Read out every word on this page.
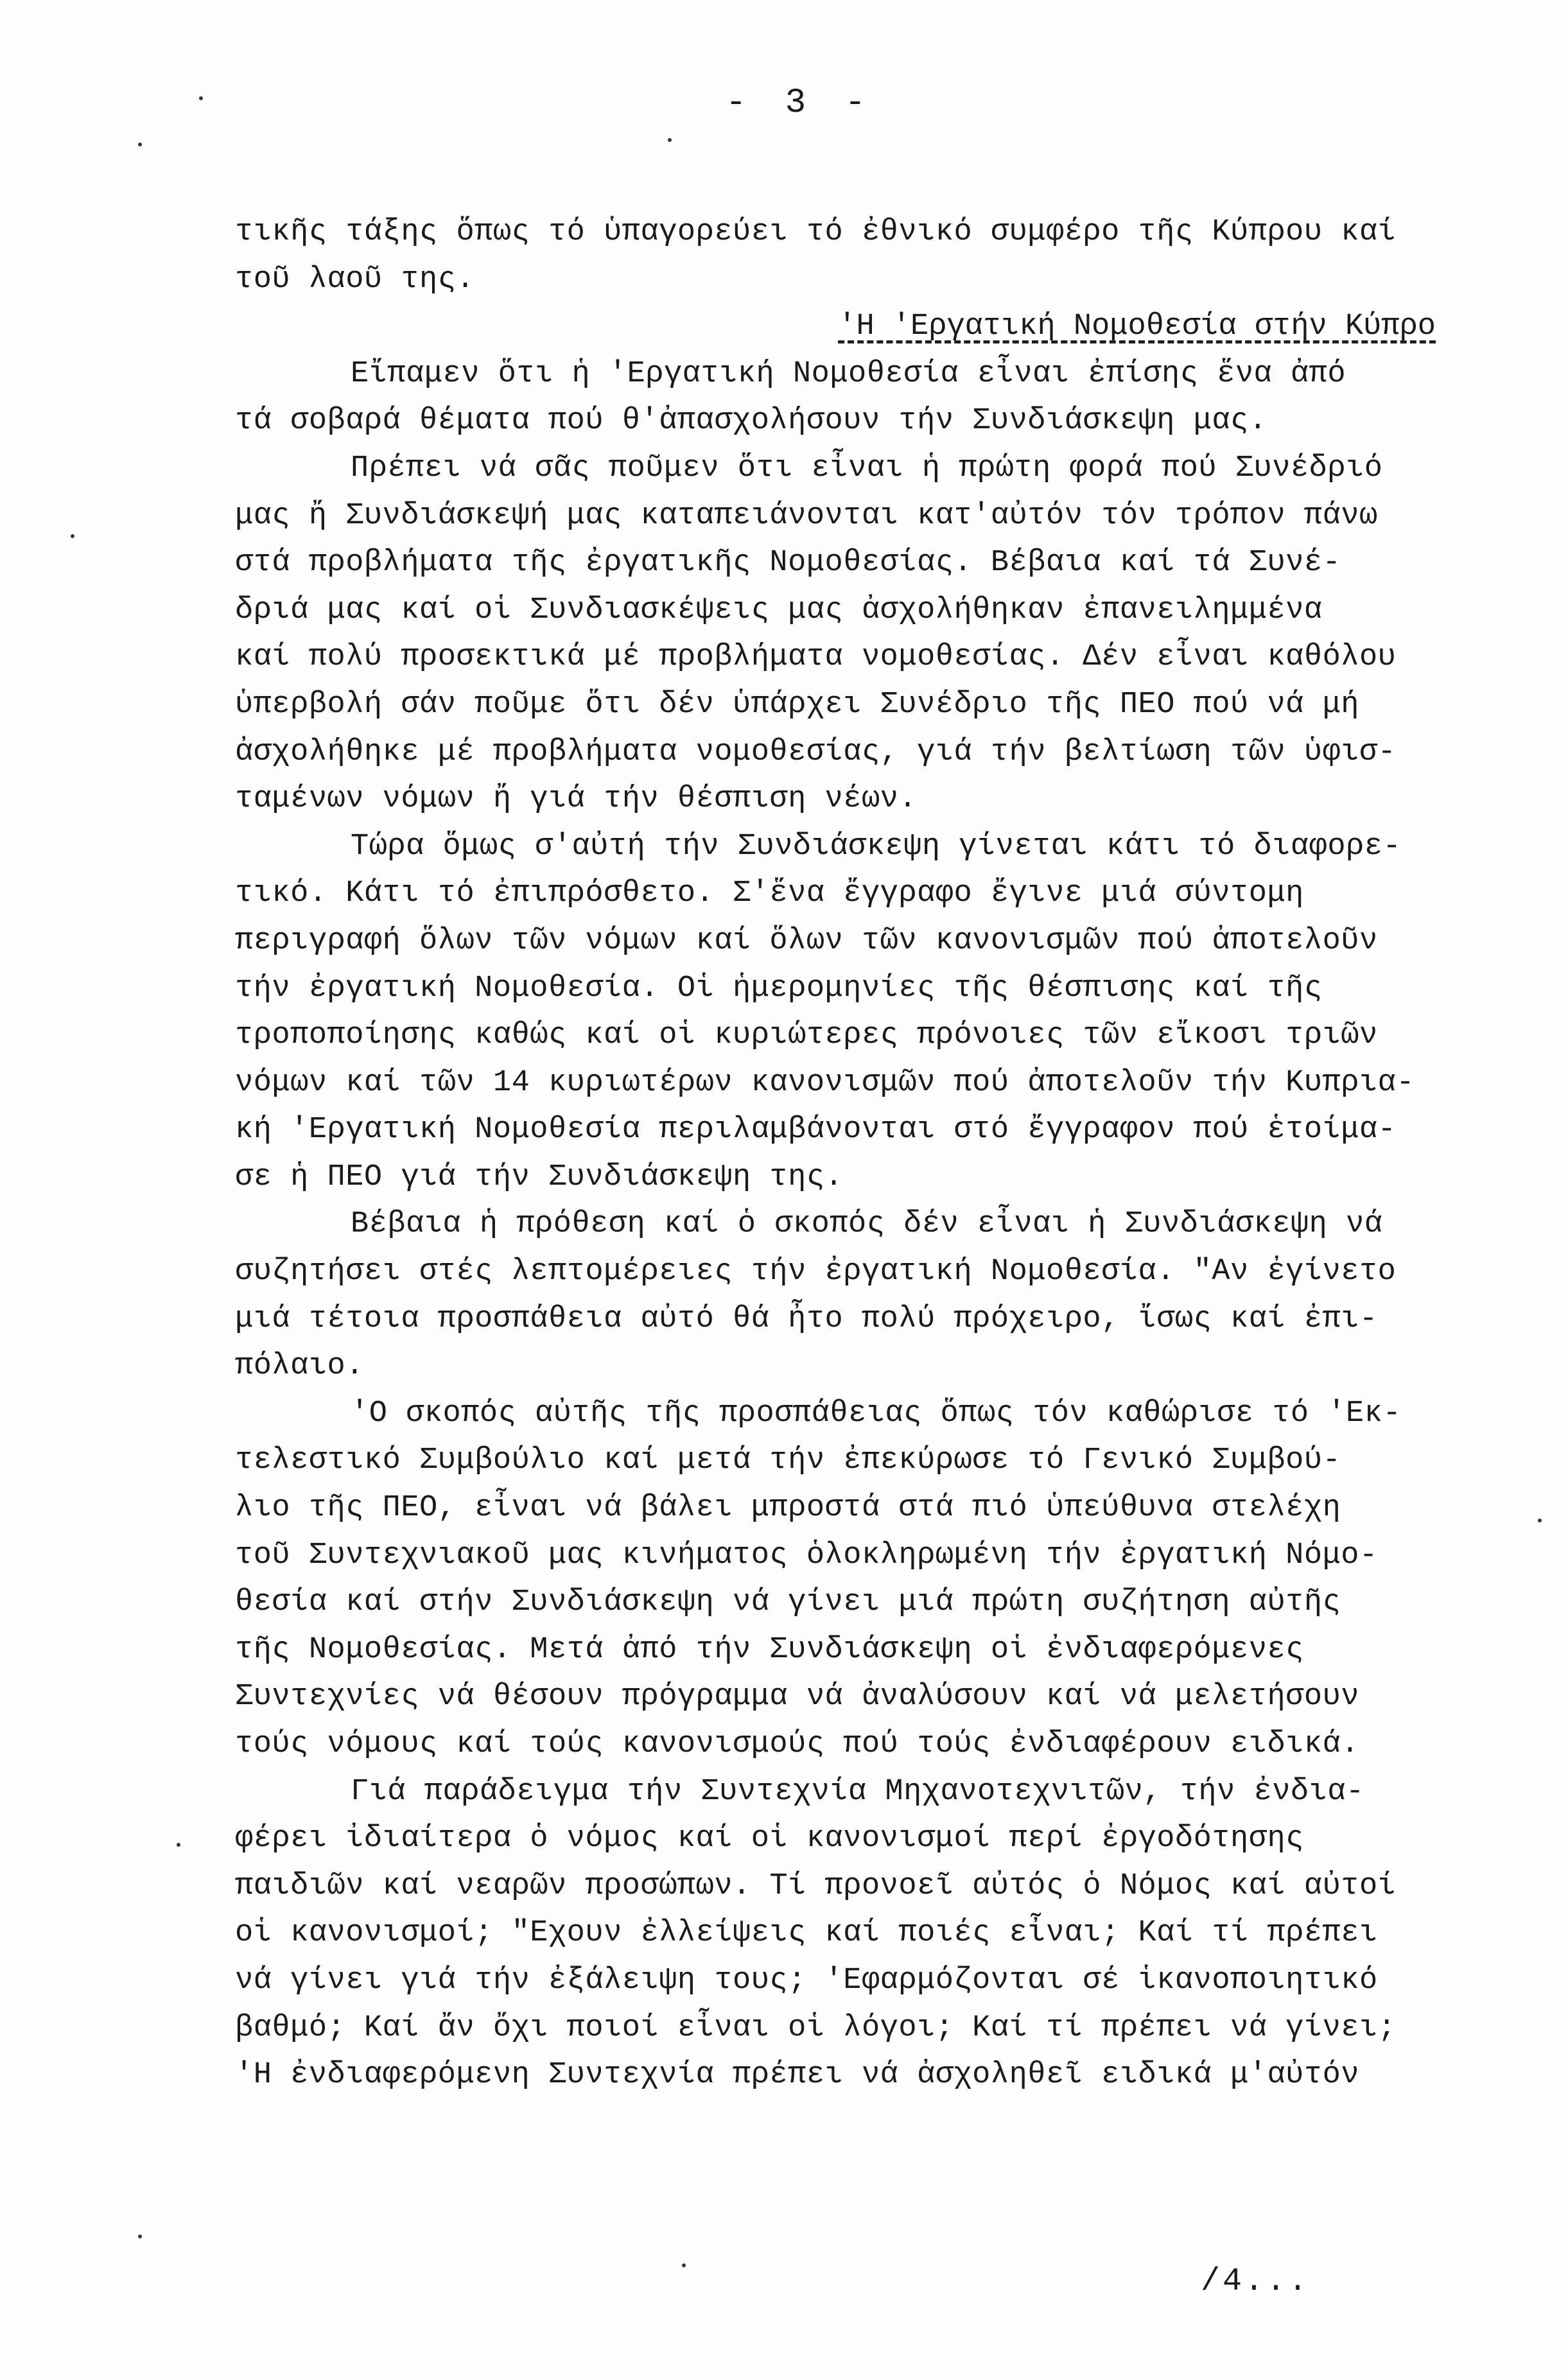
- 3 -
τικῆς τάξης ὅπως τό ὑπαγορεύει τό ἐθνικό συμφέρο τῆς Κύπρου καί
τοῦ λαοῦ της.
'Η 'Εργατική Νομοθεσία στήν Κύπρο
Εἴπαμεν ὅτι ἡ 'Εργατική Νομοθεσία εἶναι ἐπίσης ἕνα ἀπό
τά σοβαρά θέματα πού θ'ἀπασχολήσουν τήν Συνδιάσκεψη μας.
Πρέπει νά σᾶς ποῦμεν ὅτι εἶναι ἡ πρώτη φορά πού Συνέδριό
μας ἤ Συνδιάσκεψή μας καταπειάνονται κατ'αὐτόν τόν τρόπον πάνω
στά προβλήματα τῆς ἐργατικῆς Νομοθεσίας. Βέβαια καί τά Συνέ-
δριά μας καί οἱ Συνδιασκέψεις μας ἀσχολήθηκαν ἐπανειλημμένα
καί πολύ προσεκτικά μέ προβλήματα νομοθεσίας. Δέν εἶναι καθόλου
ὑπερβολή σάν ποῦμε ὅτι δέν ὑπάρχει Συνέδριο τῆς ΠΕΟ πού νά μή
ἀσχολήθηκε μέ προβλήματα νομοθεσίας, γιά τήν βελτίωση τῶν ὑφισ-
ταμένων νόμων ἤ γιά τήν θέσπιση νέων.
Τώρα ὅμως σ'αὐτή τήν Συνδιάσκεψη γίνεται κάτι τό διαφορε-
τικό. Κάτι τό ἐπιπρόσθετο. Σ'ἕνα ἔγγραφο ἔγινε μιά σύντομη
περιγραφή ὅλων τῶν νόμων καί ὅλων τῶν κανονισμῶν πού ἀποτελοῦν
τήν ἐργατική Νομοθεσία. Οἱ ἡμερομηνίες τῆς θέσπισης καί τῆς
τροποποίησης καθώς καί οἱ κυριώτερες πρόνοιες τῶν εἴκοσι τριῶν
νόμων καί τῶν 14 κυριωτέρων κανονισμῶν πού ἀποτελοῦν τήν Κυπρια-
κή 'Εργατική Νομοθεσία περιλαμβάνονται στό ἔγγραφον πού ἑτοίμα-
σε ἡ ΠΕΟ γιά τήν Συνδιάσκεψη της.
Βέβαια ἡ πρόθεση καί ὁ σκοπός δέν εἶναι ἡ Συνδιάσκεψη νά
συζητήσει στές λεπτομέρειες τήν ἐργατική Νομοθεσία. "Αν ἐγίνετο
μιά τέτοια προσπάθεια αὐτό θά ἦτο πολύ πρόχειρο, ἴσως καί ἐπι-
πόλαιο.
'Ο σκοπός αὐτῆς τῆς προσπάθειας ὅπως τόν καθώρισε τό 'Εκ-
τελεστικό Συμβούλιο καί μετά τήν ἐπεκύρωσε τό Γενικό Συμβού-
λιο τῆς ΠΕΟ, εἶναι νά βάλει μπροστά στά πιό ὑπεύθυνα στελέχη
τοῦ Συντεχνιακοῦ μας κινήματος ὁλοκληρωμένη τήν ἐργατική Νόμο-
θεσία καί στήν Συνδιάσκεψη νά γίνει μιά πρώτη συζήτηση αὐτῆς
τῆς Νομοθεσίας. Μετά ἀπό τήν Συνδιάσκεψη οἱ ἐνδιαφερόμενες
Συντεχνίες νά θέσουν πρόγραμμα νά ἀναλύσουν καί νά μελετήσουν
τούς νόμους καί τούς κανονισμούς πού τούς ἐνδιαφέρουν ειδικά.
Γιά παράδειγμα τήν Συντεχνία Μηχανοτεχνιτῶν, τήν ἐνδια-
φέρει ἰδιαίτερα ὁ νόμος καί οἱ κανονισμοί περί ἐργοδότησης
παιδιῶν καί νεαρῶν προσώπων. Τί προνοεῖ αὐτός ὁ Νόμος καί αὐτοί
οἱ κανονισμοί; "Εχουν ἐλλείψεις καί ποιές εἶναι; Καί τί πρέπει
νά γίνει γιά τήν ἐξάλειψη τους; 'Εφαρμόζονται σέ ἱκανοποιητικό
βαθμό; Καί ἄν ὄχι ποιοί εἶναι οἱ λόγοι; Καί τί πρέπει νά γίνει;
'Η ἐνδιαφερόμενη Συντεχνία πρέπει νά ἀσχοληθεῖ ειδικά μ'αὐτόν
/4...
